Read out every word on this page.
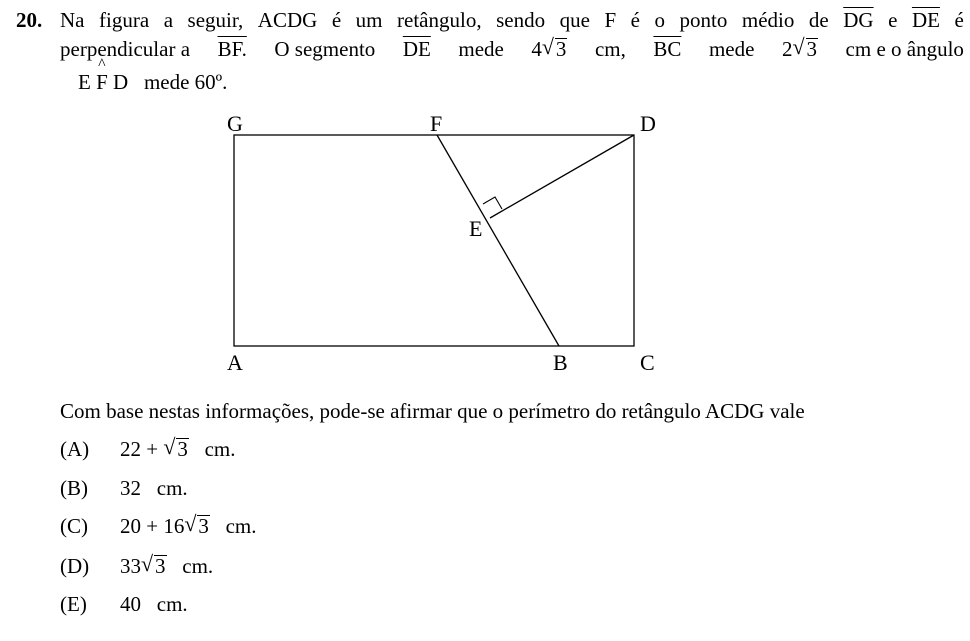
20. Na figura a seguir, ACDG é um retângulo, sendo que F é o ponto médio de $\overline{DG}$ e $\overline{DE}$ é
perpendicular a BF. O segmento $\overline{DE}$ mede 4 √ 3 cm, $\overline{BC}$ mede 2 √ 3 cm e o ângulo
E
^
F D mede 60º.
G	F	D
E
A	B	C
Com base nestas informações, pode-se afirmar que o perímetro do retângulo ACDG vale
(A) 22 + √ 3 cm.
(B) 32 cm.
(C) 20 + 16 √ 3 cm.
(D) 33 √ 3 cm.
(E) 40 cm.
